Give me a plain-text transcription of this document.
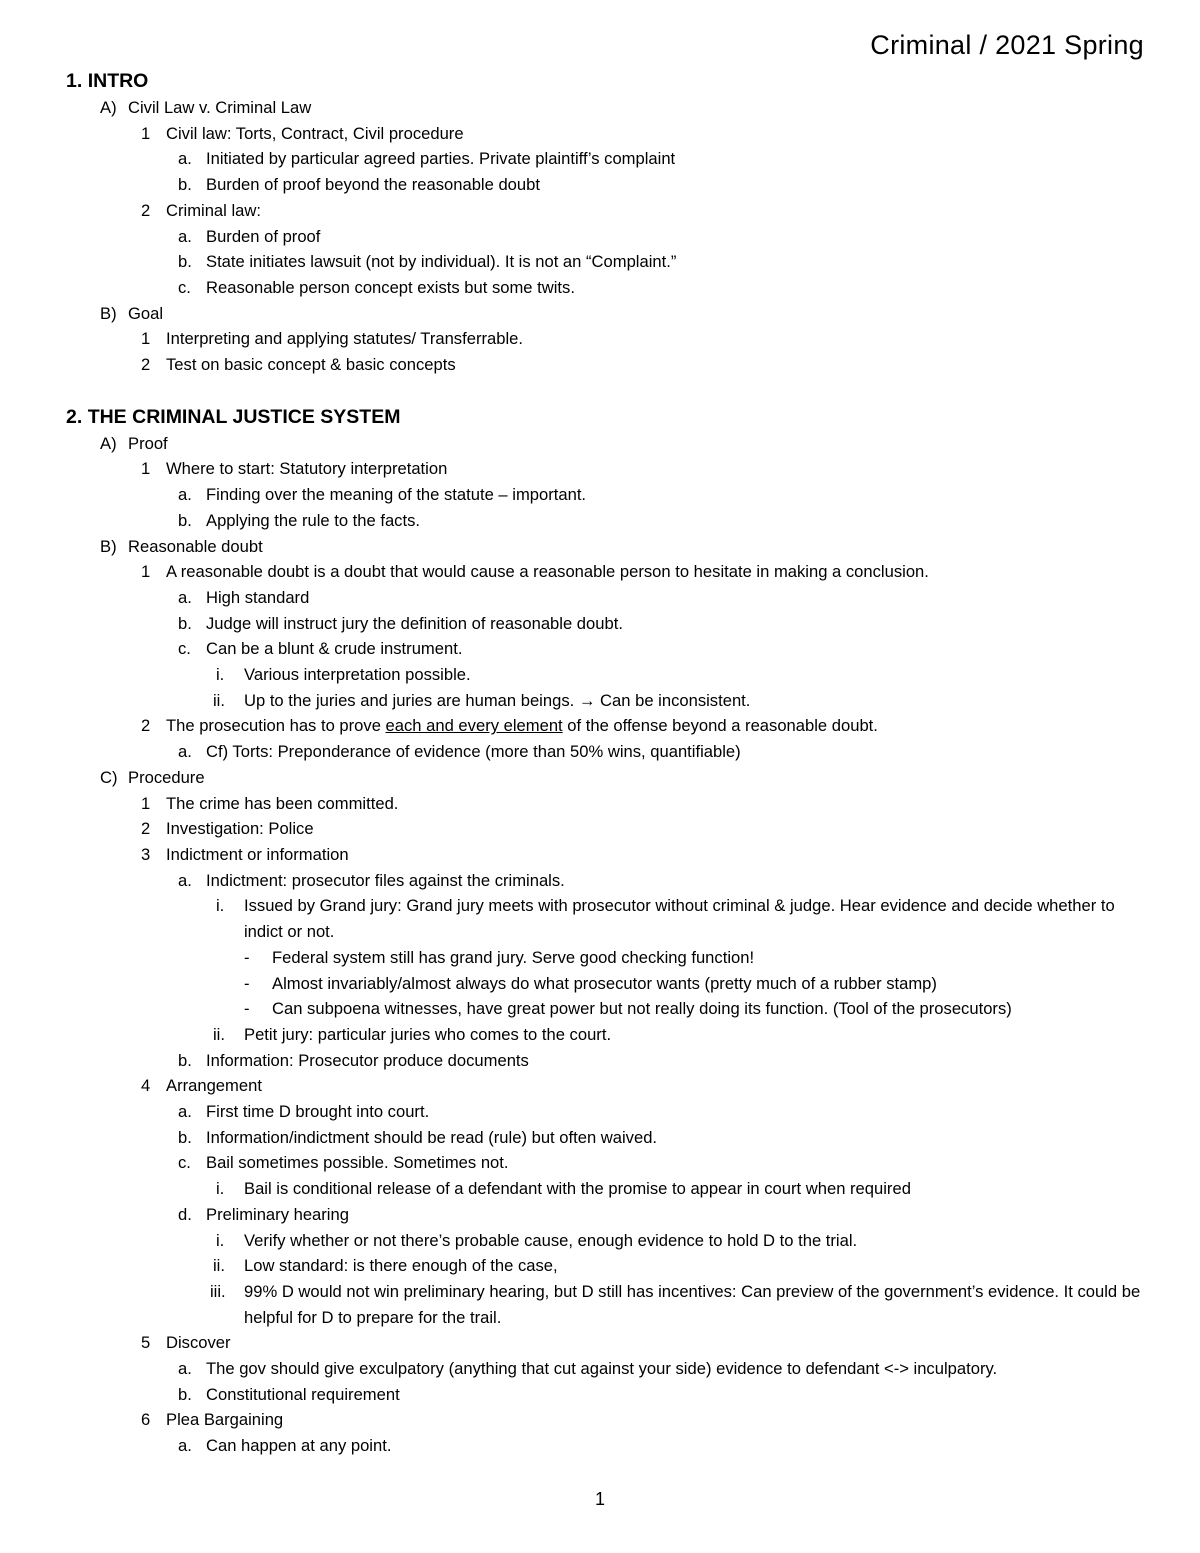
Criminal / 2021 Spring
1. INTRO
A) Civil Law v. Criminal Law
1 Civil law: Torts, Contract, Civil procedure
a. Initiated by particular agreed parties. Private plaintiff’s complaint
b. Burden of proof beyond the reasonable doubt
2 Criminal law:
a. Burden of proof
b. State initiates lawsuit (not by individual). It is not an “Complaint.”
c. Reasonable person concept exists but some twits.
B) Goal
1 Interpreting and applying statutes/ Transferrable.
2 Test on basic concept & basic concepts
2. THE CRIMINAL JUSTICE SYSTEM
A) Proof
1 Where to start: Statutory interpretation
a. Finding over the meaning of the statute – important.
b. Applying the rule to the facts.
B) Reasonable doubt
1 A reasonable doubt is a doubt that would cause a reasonable person to hesitate in making a conclusion.
a. High standard
b. Judge will instruct jury the definition of reasonable doubt.
c. Can be a blunt & crude instrument.
i. Various interpretation possible.
ii. Up to the juries and juries are human beings. → Can be inconsistent.
2 The prosecution has to prove each and every element of the offense beyond a reasonable doubt.
a. Cf) Torts: Preponderance of evidence (more than 50% wins, quantifiable)
C) Procedure
1 The crime has been committed.
2 Investigation: Police
3 Indictment or information
a. Indictment: prosecutor files against the criminals.
i. Issued by Grand jury: Grand jury meets with prosecutor without criminal & judge. Hear evidence and decide whether to indict or not.
- Federal system still has grand jury. Serve good checking function!
- Almost invariably/almost always do what prosecutor wants (pretty much of a rubber stamp)
- Can subpoena witnesses, have great power but not really doing its function. (Tool of the prosecutors)
ii. Petit jury: particular juries who comes to the court.
b. Information: Prosecutor produce documents
4 Arrangement
a. First time D brought into court.
b. Information/indictment should be read (rule) but often waived.
c. Bail sometimes possible. Sometimes not.
i. Bail is conditional release of a defendant with the promise to appear in court when required
d. Preliminary hearing
i. Verify whether or not there’s probable cause, enough evidence to hold D to the trial.
ii. Low standard: is there enough of the case,
iii. 99% D would not win preliminary hearing, but D still has incentives: Can preview of the government’s evidence. It could be helpful for D to prepare for the trail.
5 Discover
a. The gov should give exculpatory (anything that cut against your side) evidence to defendant <-> inculpatory.
b. Constitutional requirement
6 Plea Bargaining
a. Can happen at any point.
1
